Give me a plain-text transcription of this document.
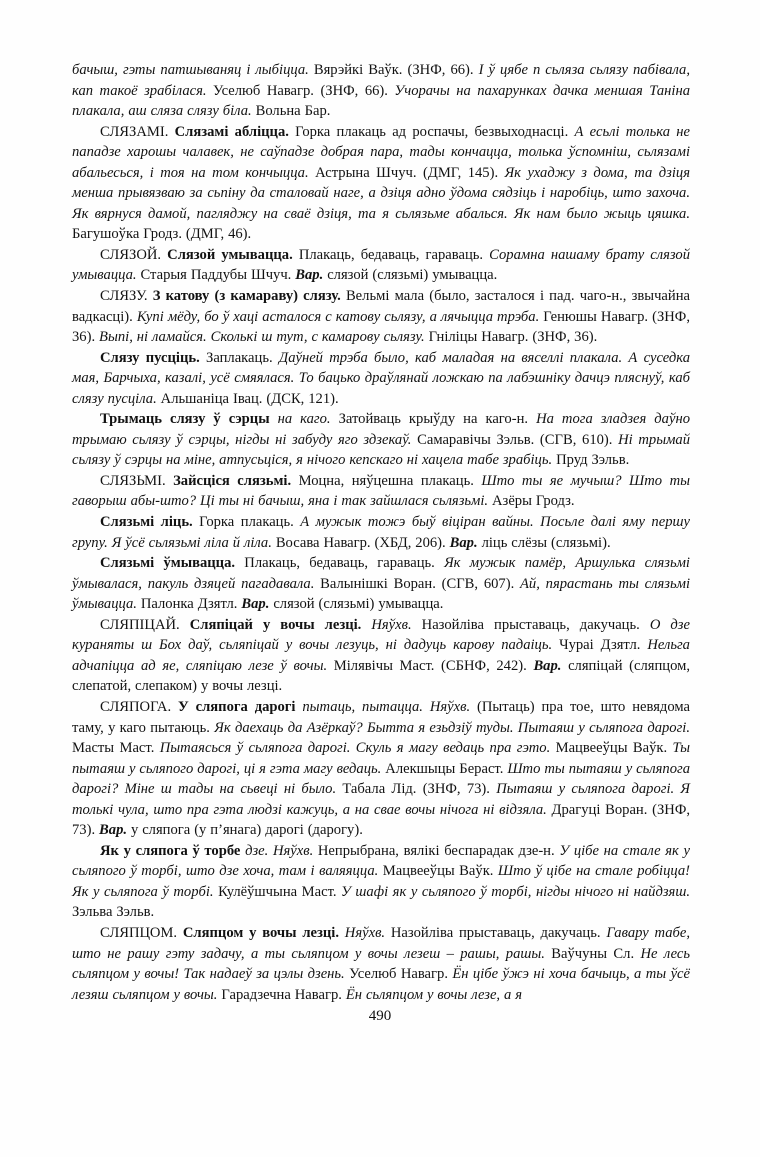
бачыш, гэты патшываняц і лыбіцца. Вярэйкі Ваўк. (ЗНФ, 66). І ў цябе п сьляза сьлязу пабівала, кап такоё зрабілася. Уселюб Навагр. (ЗНФ, 66). Учорачы на пахарунках дачка меншая Таніна плакала, аш сляза слязу біла. Вольна Бар.

СЛЯЗАМІ. Слязамі абліцца. Горка плакаць ад роспачы, безвыходнасці. А есьлі толька не пападзе харошы чалавек, не саўпадзе добрая пара, тады кончацца, толька ўспомніш, сьлязамі абальесься, і тоя на том кончыцца. Астрына Шчуч. (ДМГ, 145). Як ухаджу з дома, та дзіця менша прывязваю за сьпіну да сталовай наге, а дзіця адно ўдома сядзіць і наробіць, што захоча. Як вярнуся дамой, пагляджу на сваё дзіця, та я сьлязьме абалься. Як нам было жыць цяшка. Багушоўка Гродз. (ДМГ, 46).

СЛЯЗОЙ. Слязой умывацца. Плакаць, бедаваць, гараваць. Сорамна нашаму брату слязой умывацца. Старыя Паддубы Шчуч. Вар. слязой (слязьмі) умывацца.

СЛЯЗУ. З катову (з камараву) слязу. Вельмі мала (было, засталося і пад. чаго-н., звычайна вадкасці). Купі мёду, бо ў хаці асталося с катову сьлязу, а лячыцца трэба. Генюшы Навагр. (ЗНФ, 36). Выпі, ні ламайся. Сколькі ш тут, с камарову сьлязу. Гніліцы Навагр. (ЗНФ, 36).

Слязу пусціць. Заплакаць. Даўней трэба было, каб маладая на вяселлі плакала. А суседка мая, Барчыха, казалі, усё смяялася. То бацько драўлянай ложкаю па лабэшніку дачцэ пляснуў, каб слязу пусціла. Альшаніца Івац. (ДСК, 121).

Трымаць слязу ў сэрцы на каго. Затойваць крыўду на каго-н. На тога зладзея даўно трымаю сьлязу ў сэрцы, нігды ні забуду яго здзекаў. Самаравічы Зэльв. (СГВ, 610). Ні трымай сьлязу ў сэрцы на міне, атпусьціся, я нічого кепскаго ні хацела табе зрабіць. Пруд Зэльв.

СЛЯЗЬМІ. Зайсціся слязьмі. Моцна, няўцешна плакаць. Што ты яе мучыш? Што ты гаворыш абы-што? Ці ты ні бачыш, яна і так зайшлася сьлязьмі. Азёры Гродз.

Слязьмі ліць. Горка плакаць. А мужык тожэ быў віціран вайны. Посьле далі яму першу групу. Я ўсё сьлязьмі ліла й ліла. Восава Навагр. (ХБД, 206). Вар. ліць слёзы (слязьмі).

Слязьмі ўмывацца. Плакаць, бедаваць, гараваць. Як мужык памёр, Аршулька слязьмі ўмывалася, пакуль дзяцей пагадавала. Валынішкі Воран. (СГВ, 607). Ай, пярастань ты слязьмі ўмывацца. Палонка Дзятл. Вар. слязой (слязьмі) умывацца.

СЛЯПІЦАЙ. Сляпіцай у вочы лезці. Няўхв. Назойліва прыставаць, дакучаць. О дзе кураняты ш Бох даў, сьляпіцай у вочы лезуць, ні дадуць карову падаіць. Чураі Дзятл. Нельга адчапіцца ад яе, сляпіцаю лезе ў вочы. Мілявічы Маст. (СБНФ, 242). Вар. сляпіцай (сляпцом, слепатой, слепаком) у вочы лезці.

СЛЯПОГА. У сляпога дарогі пытаць, пытацца. Няўхв. (Пытаць) пра тое, што невядома таму, у каго пытаюць. Як даехаць да Азёркаў? Бытта я езьдзіў туды. Пытаяш у сьляпога дарогі. Масты Маст. Пытаясься ў сьляпога дарогі. Скуль я магу ведаць пра гэто. Мацвееўцы Ваўк. Ты пытаяш у сьляпого дарогі, ці я гэта магу ведаць. Алекшыцы Бераст. Што ты пытаяш у сьляпога дарогі? Міне ш тады на сьвеці ні было. Табала Лід. (ЗНФ, 73). Пытаяш у сьляпога дарогі. Я толькі чула, што пра гэта людзі кажуць, а на свае вочы нічога ні відзяла. Драгуці Воран. (ЗНФ, 73). Вар. у сляпога (у п’янага) дарогі (дарогу).

Як у сляпога ў торбе дзе. Няўхв. Непрыбрана, вялікі беспарадак дзе-н. У цібе на стале як у сьляпого ў торбі, што дзе хоча, там і валяяцца. Мацвееўцы Ваўк. Што ў цібе на стале робіцца! Як у сьляпога ў торбі. Кулёўшчына Маст. У шафі як у сьляпого ў торбі, нігды нічого ні найдзяш. Зэльва Зэльв.

СЛЯПЦОМ. Сляпцом у вочы лезці. Няўхв. Назойліва прыставаць, дакучаць. Гавару табе, што не рашу гэту задачу, а ты сьляпцом у вочы лезеш – рашы, рашы. Ваўчуны Сл. Не лесь сьляпцом у вочы! Так надаеў за цэлы дзень. Уселюб Навагр. Ён цібе ўжэ ні хоча бачыць, а ты ўсё лезяш сьляпцом у вочы. Гарадзечна Навагр. Ён сьляпцом у вочы лезе, а я

490
